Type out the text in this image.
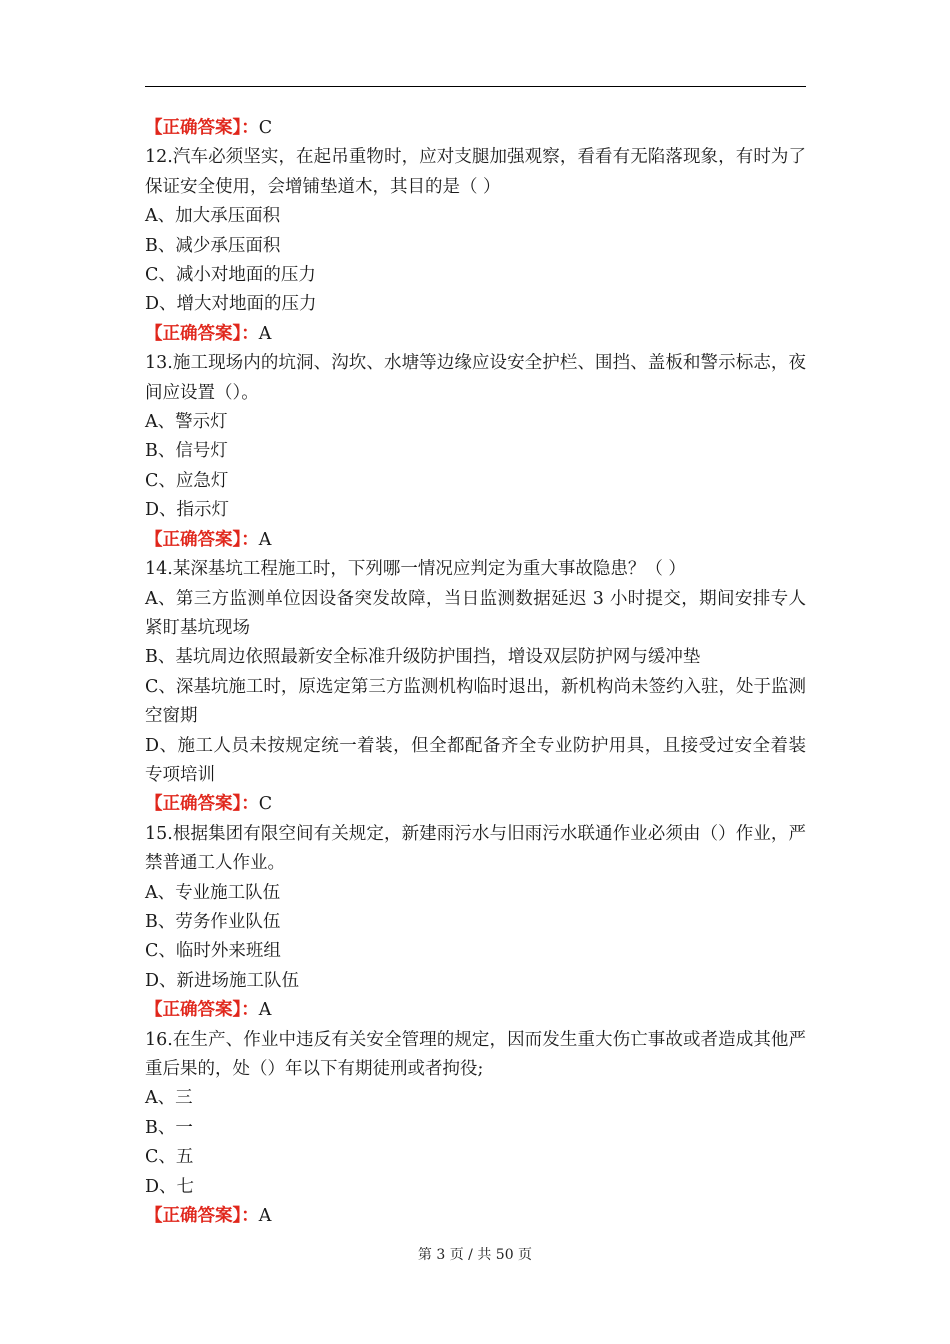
【正确答案】：C
12.汽车必须坚实，在起吊重物时，应对支腿加强观察，看看有无陷落现象，有时为了保证安全使用，会增铺垫道木，其目的是（ ）
A、加大承压面积
B、减少承压面积
C、减小对地面的压力
D、增大对地面的压力
【正确答案】：A
13.施工现场内的坑洞、沟坎、水塘等边缘应设安全护栏、围挡、盖板和警示标志，夜间应设置（）。
A、警示灯
B、信号灯
C、应急灯
D、指示灯
【正确答案】：A
14.某深基坑工程施工时，下列哪一情况应判定为重大事故隐患？（ ）
A、第三方监测单位因设备突发故障，当日监测数据延迟 3 小时提交，期间安排专人紧盯基坑现场
B、基坑周边依照最新安全标准升级防护围挡，增设双层防护网与缓冲垫
C、深基坑施工时，原选定第三方监测机构临时退出，新机构尚未签约入驻，处于监测空窗期
D、施工人员未按规定统一着装，但全都配备齐全专业防护用具，且接受过安全着装专项培训
【正确答案】：C
15.根据集团有限空间有关规定，新建雨污水与旧雨污水联通作业必须由（）作业，严禁普通工人作业。
A、专业施工队伍
B、劳务作业队伍
C、临时外来班组
D、新进场施工队伍
【正确答案】：A
16.在生产、作业中违反有关安全管理的规定，因而发生重大伤亡事故或者造成其他严重后果的，处（）年以下有期徒刑或者拘役;
A、三
B、一
C、五
D、七
【正确答案】：A
第 3 页 / 共 50 页
